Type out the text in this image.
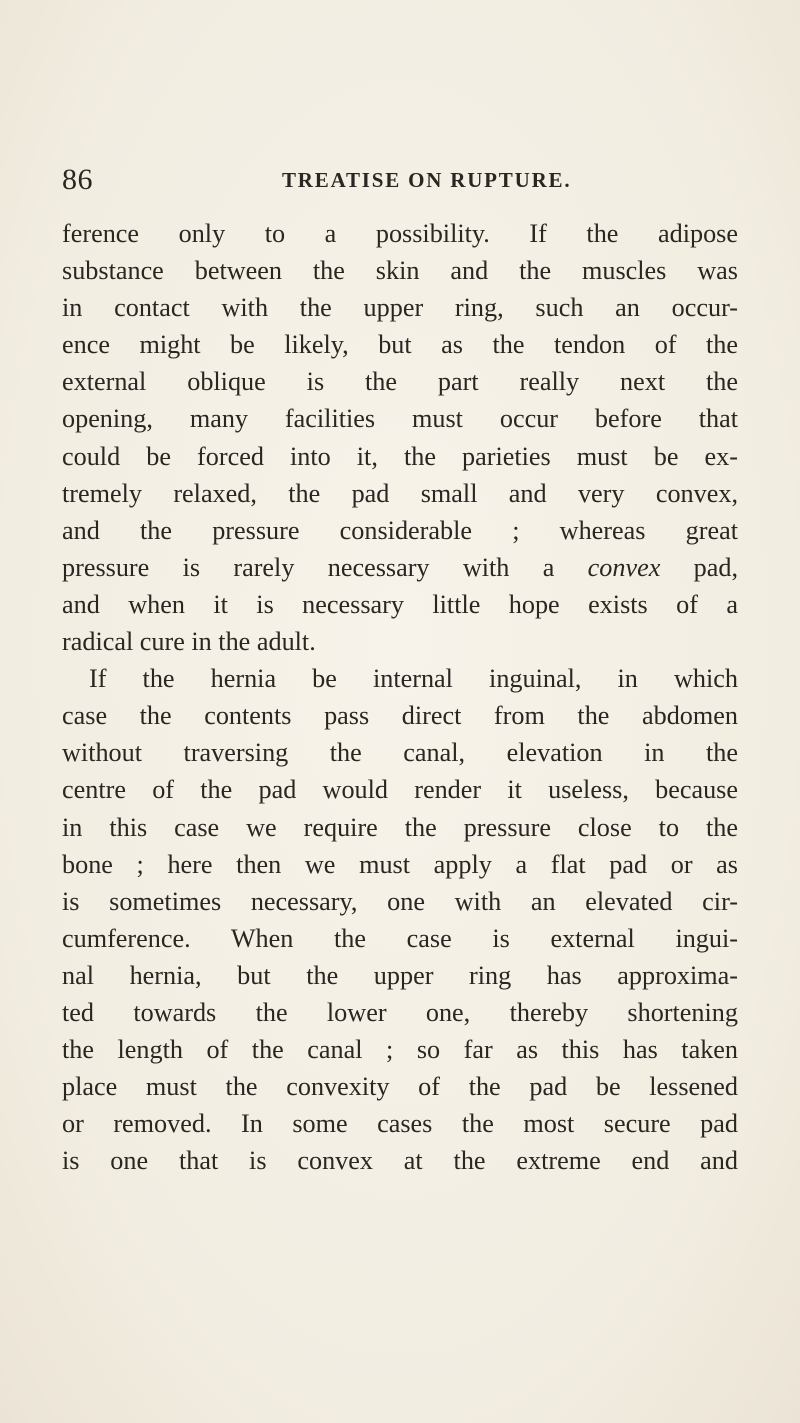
86	TREATISE ON RUPTURE.
ference only to a possibility. If the adipose
substance between the skin and the muscles was
in contact with the upper ring, such an occur-
ence might be likely, but as the tendon of the
external oblique is the part really next the
opening, many facilities must occur before that
could be forced into it, the parieties must be ex-
tremely relaxed, the pad small and very convex,
and the pressure considerable ; whereas great
pressure is rarely necessary with a convex pad,
and when it is necessary little hope exists of a
radical cure in the adult.
If the hernia be internal inguinal, in which
case the contents pass direct from the abdomen
without traversing the canal, elevation in the
centre of the pad would render it useless, because
in this case we require the pressure close to the
bone ; here then we must apply a flat pad or as
is sometimes necessary, one with an elevated cir-
cumference. When the case is external ingui-
nal hernia, but the upper ring has approxima-
ted towards the lower one, thereby shortening
the length of the canal ; so far as this has taken
place must the convexity of the pad be lessened
or removed. In some cases the most secure pad
is one that is convex at the extreme end and
